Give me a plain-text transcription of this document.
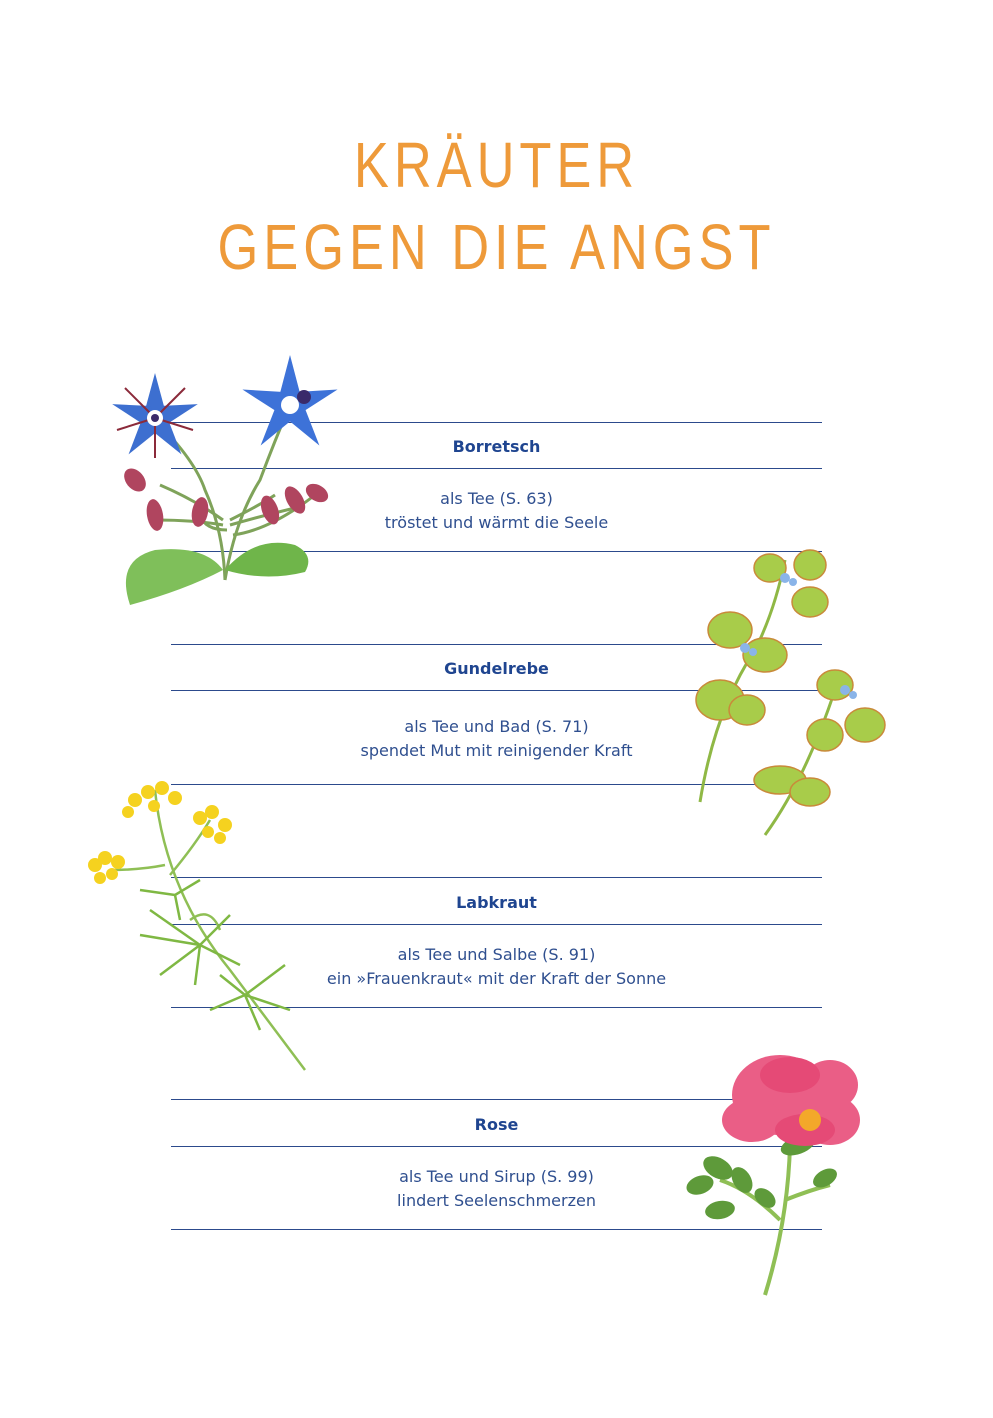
KRÄUTER
GEGEN DIE ANGST
Borretsch
als Tee (S. 63)
tröstet und wärmt die Seele
Gundelrebe
als Tee und Bad (S. 71)
spendet Mut mit reinigender Kraft
Labkraut
als Tee und Salbe (S. 91)
ein »Frauenkraut« mit der Kraft der Sonne
Rose
als Tee und Sirup (S. 99)
lindert Seelenschmerzen
